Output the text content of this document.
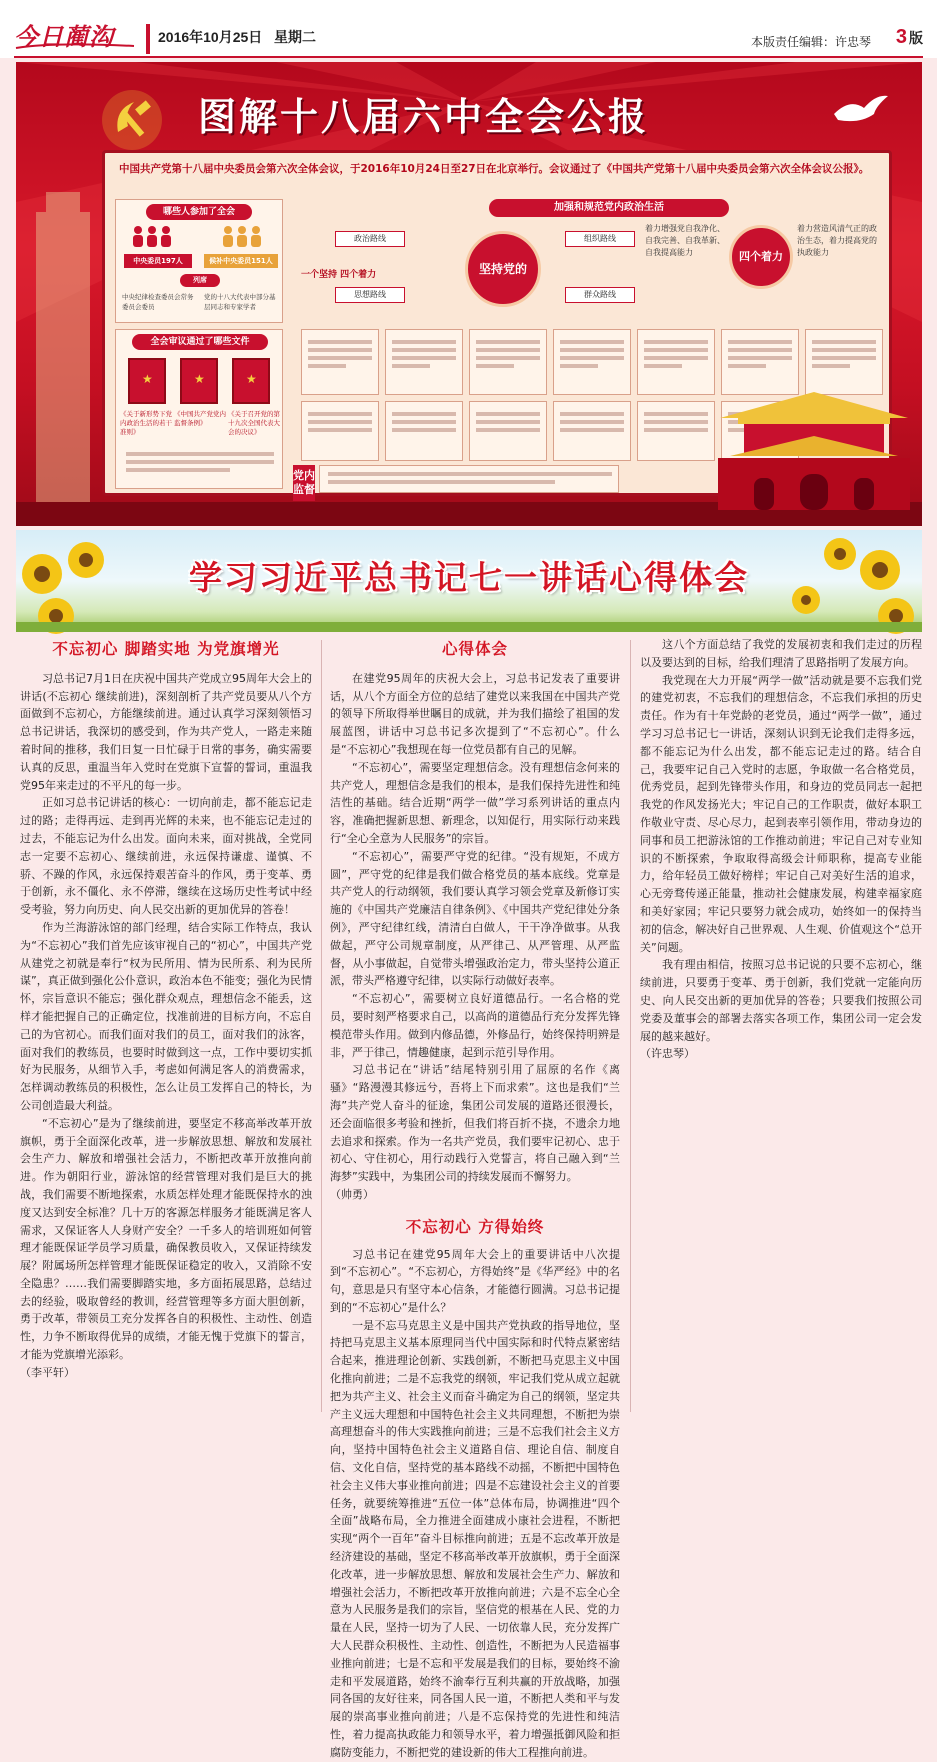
今日蔺沟	2016年10月25日 星期二	本版责任编辑：许忠琴 3 版
图解十八届六中全会公报
中国共产党第十八届中央委员会第六次全体会议，于2016年10月24日至27日在北京举行。会议通过了《中国共产党第十八届中央委员会第六次全体会议公报》。
哪些人参加了全会
中央委员197人	候补中央委员151人
列席
中央纪律检查委员会常务委员会委员
党的十八大代表中部分基层同志和专家学者
全会审议通过了哪些文件
★
★
★
《关于新形势下党内政治生活的若干准则》
《中国共产党党内监督条例》
《关于召开党的第十九次全国代表大会的决议》
加强和规范党内政治生活
一个坚持 四个着力
政治路线
思想路线
坚持党的
组织路线
群众路线
着力增强党自我净化、自我完善、自我革新、自我提高能力	四个着力
着力营造风清气正的政治生态，着力提高党的执政能力
党内监督
学习习近平总书记七一讲话心得体会
不忘初心 脚踏实地 为党旗增光

习总书记7月1日在庆祝中国共产党成立95周年大会上的讲话(不忘初心 继续前进)，深刻剖析了共产党员要从八个方面做到不忘初心，方能继续前进。通过认真学习深刻领悟习总书记讲话，我深切的感受到，作为共产党人，一路走来随着时间的推移，我们日复一日忙碌于日常的事务，确实需要认真的反思，重温当年入党时在党旗下宣誓的誓词，重温我党95年来走过的不平凡的每一步。

正如习总书记讲话的核心：一切向前走，都不能忘记走过的路；走得再远、走到再光辉的未来，也不能忘记走过的过去，不能忘记为什么出发。面向未来，面对挑战，全党同志一定要不忘初心、继续前进，永远保持谦虚、谨慎、不骄、不躁的作风，永远保持艰苦奋斗的作风，勇于变革、勇于创新，永不僵化、永不停滞，继续在这场历史性考试中经受考验，努力向历史、向人民交出新的更加优异的答卷！

作为兰海游泳馆的部门经理，结合实际工作特点，我认为“不忘初心”我们首先应该审视自己的“初心”，中国共产党从建党之初就是奉行“权为民所用、情为民所系、利为民所谋”，真正做到强化公仆意识，政治本色不能变；强化为民情怀，宗旨意识不能忘；强化群众观点，理想信念不能丢，这样才能把握自己的正确定位，找准前进的目标方向，不忘自己的为官初心。而我们面对我们的员工，面对我们的泳客，面对我们的教练员，也要时时做到这一点，工作中要切实抓好为民服务，从细节入手，考虑如何满足客人的消费需求，怎样调动教练员的积极性，怎么让员工发挥自己的特长，为公司创造最大利益。

“不忘初心”是为了继续前进，要坚定不移高举改革开放旗帜，勇于全面深化改革，进一步解放思想、解放和发展社会生产力、解放和增强社会活力，不断把改革开放推向前进。作为朝阳行业，游泳馆的经营管理对我们是巨大的挑战，我们需要不断地探索，水质怎样处理才能既保持水的浊度又达到安全标准？几十万的客源怎样服务才能既满足客人需求，又保证客人人身财产安全？一千多人的培训班如何管理才能既保证学员学习质量，确保教员收入，又保证持续发展？附属场所怎样管理才能既保证稳定的收入，又消除不安全隐患？……我们需要脚踏实地，多方面拓展思路，总结过去的经验，吸取曾经的教训，经营管理等多方面大胆创新，勇于改革，带领员工充分发挥各自的积极性、主动性、创造性，力争不断取得优异的成绩，才能无愧于党旗下的誓言，才能为党旗增光添彩。

（李平轩）

心得体会

在建党95周年的庆祝大会上，习总书记发表了重要讲话，从八个方面全方位的总结了建党以来我国在中国共产党的领导下所取得举世瞩目的成就，并为我们描绘了祖国的发展蓝图，讲话中习总书记多次提到了“不忘初心”。什么是“不忘初心”我想现在每一位党员都有自己的见解。

“不忘初心”，需要坚定理想信念。没有理想信念何来的共产党人，理想信念是我们的根本，是我们保持先进性和纯洁性的基础。结合近期“两学一做”学习系列讲话的重点内容，准确把握新思想、新理念，以知促行，用实际行动来践行“全心全意为人民服务”的宗旨。

“不忘初心”，需要严守党的纪律。“没有规矩，不成方圆”，严守党的纪律是我们做合格党员的基本底线。党章是共产党人的行动纲领，我们要认真学习领会党章及新修订实施的《中国共产党廉洁自律条例》、《中国共产党纪律处分条例》，严守纪律红线，清清白白做人，干干净净做事。从我做起，严守公司规章制度，从严律己、从严管理、从严监督，从小事做起，自觉带头增强政治定力，带头坚持公道正派，带头严格遵守纪律，以实际行动做好表率。

“不忘初心”，需要树立良好道德品行。一名合格的党员，要时刻严格要求自己，以高尚的道德品行充分发挥先锋模范带头作用。做到内修品德，外修品行，始终保持明辨是非，严于律己，情趣健康，起到示范引导作用。

习总书记在“讲话”结尾特别引用了屈原的名作《离骚》“路漫漫其修远兮，吾将上下而求索”。这也是我们“兰海”共产党人奋斗的征途，集团公司发展的道路还很漫长，还会面临很多考验和挫折，但我们将百折不挠，不遗余力地去追求和探索。作为一名共产党员，我们要牢记初心、忠于初心、守住初心，用行动践行入党誓言，将自己融入到“兰海梦”实践中，为集团公司的持续发展而不懈努力。

（帅勇）

不忘初心 方得始终

习总书记在建党95周年大会上的重要讲话中八次提到“不忘初心”。“不忘初心，方得始终”是《华严经》中的名句，意思是只有坚守本心信条，才能德行圆满。习总书记提到的“不忘初心”是什么？

一是不忘马克思主义是中国共产党执政的指导地位，坚持把马克思主义基本原理同当代中国实际和时代特点紧密结合起来，推进理论创新、实践创新，不断把马克思主义中国化推向前进；二是不忘我党的纲领，牢记我们党从成立起就把为共产主义、社会主义而奋斗确定为自己的纲领，坚定共产主义远大理想和中国特色社会主义共同理想，不断把为崇高理想奋斗的伟大实践推向前进；三是不忘我们社会主义方向，坚持中国特色社会主义道路自信、理论自信、制度自信、文化自信，坚持党的基本路线不动摇，不断把中国特色社会主义伟大事业推向前进；四是不忘建设社会主义的首要任务，就要统筹推进“五位一体”总体布局，协调推进“四个全面”战略布局，全力推进全面建成小康社会进程，不断把实现“两个一百年”奋斗目标推向前进；五是不忘改革开放是经济建设的基础，坚定不移高举改革开放旗帜，勇于全面深化改革，进一步解放思想、解放和发展社会生产力、解放和增强社会活力，不断把改革开放推向前进；六是不忘全心全意为人民服务是我们的宗旨，坚信党的根基在人民、党的力量在人民，坚持一切为了人民、一切依靠人民，充分发挥广大人民群众积极性、主动性、创造性，不断把为人民造福事业推向前进；七是不忘和平发展是我们的目标，要始终不渝走和平发展道路，始终不渝奉行互利共赢的开放战略，加强同各国的友好往来，同各国人民一道，不断把人类和平与发展的崇高事业推向前进；八是不忘保持党的先进性和纯洁性，着力提高执政能力和领导水平，着力增强抵御风险和拒腐防变能力，不断把党的建设新的伟大工程推向前进。

这八个方面总结了我党的发展初衷和我们走过的历程以及要达到的目标，给我们理清了思路指明了发展方向。

我党现在大力开展“两学一做”活动就是要不忘我们党的建党初衷，不忘我们的理想信念，不忘我们承担的历史责任。作为有十年党龄的老党员，通过“两学一做”，通过学习习总书记七一讲话，深刻认识到无论我们走得多远，都不能忘记为什么出发，都不能忘记走过的路。结合自己，我要牢记自己入党时的志愿，争取做一名合格党员，优秀党员，起到先锋带头作用，和身边的党员同志一起把我党的作风发扬光大；牢记自己的工作职责，做好本职工作敬业守责、尽心尽力，起到表率引领作用，带动身边的同事和员工把游泳馆的工作推动前进；牢记自己对专业知识的不断探索，争取取得高级会计师职称，提高专业能力，给年轻员工做好榜样；牢记自己对美好生活的追求，心无旁骛传递正能量，推动社会健康发展，构建幸福家庭和美好家园；牢记只要努力就会成功，始终如一的保持当初的信念，解决好自己世界观、人生观、价值观这个“总开关”问题。

我有理由相信，按照习总书记说的只要不忘初心，继续前进，只要勇于变革、勇于创新，我们党就一定能向历史、向人民交出新的更加优异的答卷；只要我们按照公司党委及董事会的部署去落实各项工作，集团公司一定会发展的越来越好。

（许忠琴）
